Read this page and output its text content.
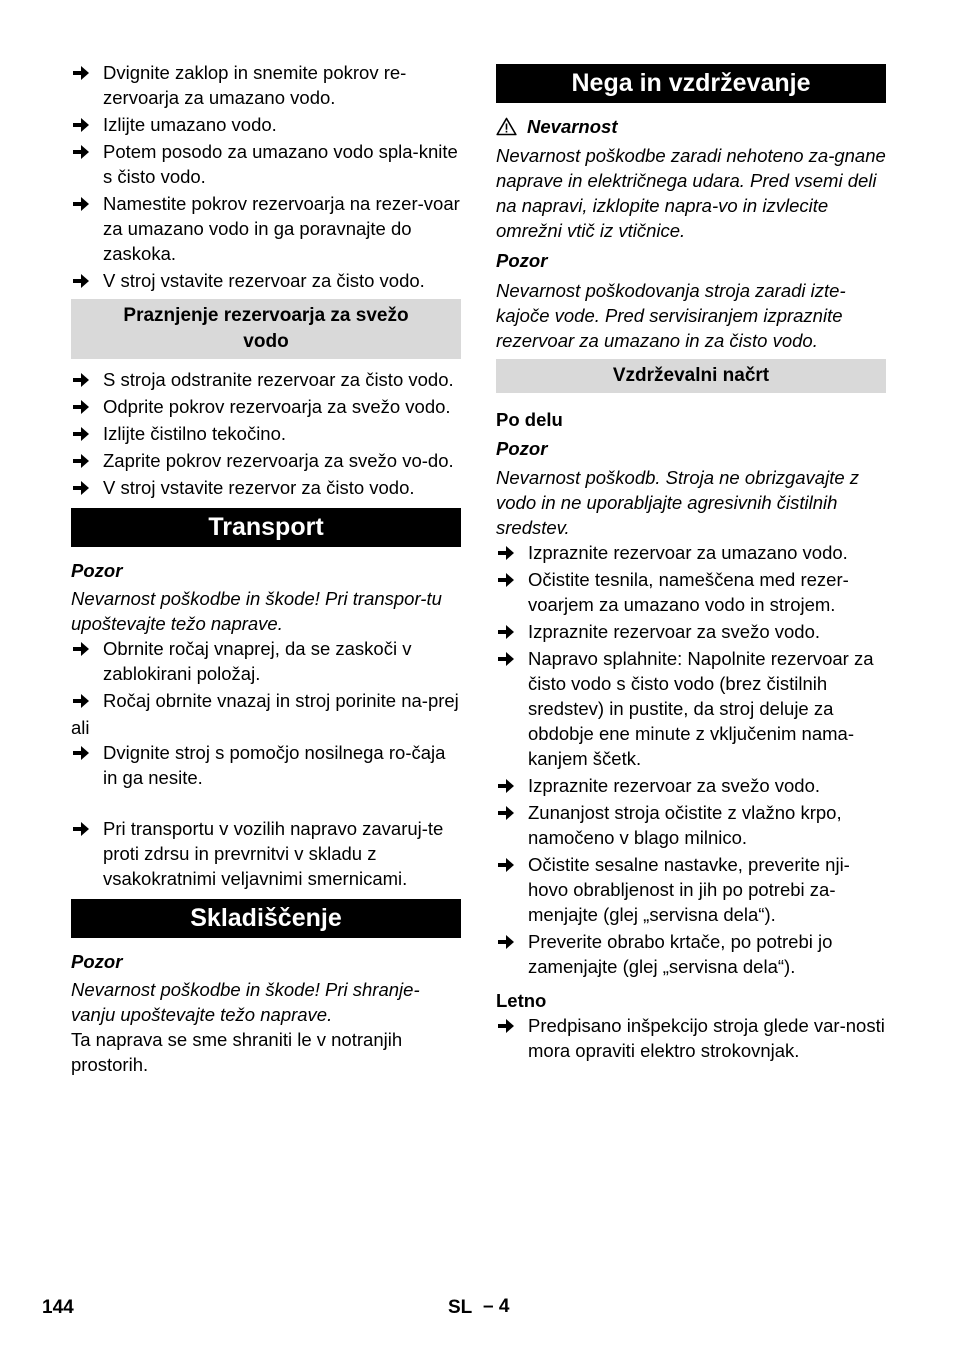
Dvignite zaklop in snemite pokrov re-zervoarja za umazano vodo.
Izlijte umazano vodo.
Potem posodo za umazano vodo spla-knite s čisto vodo.
Namestite pokrov rezervoarja na rezer-voar za umazano vodo in ga poravnajte do zaskoka.
V stroj vstavite rezervoar za čisto vodo.
Praznjenje rezervoarja za svežo
vodo
S stroja odstranite rezervoar za čisto vodo.
Odprite pokrov rezervoarja za svežo vodo.
Izlijte čistilno tekočino.
Zaprite pokrov rezervoarja za svežo vo-do.
V stroj vstavite rezervor za čisto vodo.
Transport
Pozor
Nevarnost poškodbe in škode! Pri transpor-tu upoštevajte težo naprave.
Obrnite ročaj vnaprej, da se zaskoči v zablokirani položaj.
Ročaj obrnite vnazaj in stroj porinite na-prej
ali
Dvignite stroj s pomočjo nosilnega ro-čaja in ga nesite.
Pri transportu v vozilih napravo zavaruj-te proti zdrsu in prevrnitvi v skladu z vsakokratnimi veljavnimi smernicami.
Skladiščenje
Pozor
Nevarnost poškodbe in škode! Pri shranje-vanju upoštevajte težo naprave.
Ta naprava se sme shraniti le v notranjih prostorih.
Nega in vzdrževanje
Nevarnost
Nevarnost poškodbe zaradi nehoteno za-gnane naprave in električnega udara. Pred vsemi deli na napravi, izklopite napra-vo in izvlecite omrežni vtič iz vtičnice.
Pozor
Nevarnost poškodovanja stroja zaradi izte-kajoče vode. Pred servisiranjem izpraznite rezervoar za umazano in za čisto vodo.
Vzdrževalni načrt
Po delu
Pozor
Nevarnost poškodb. Stroja ne obrizgavajte z vodo in ne uporabljajte agresivnih čistilnih sredstev.
Izpraznite rezervoar za umazano vodo.
Očistite tesnila, nameščena med rezer-voarjem za umazano vodo in strojem.
Izpraznite rezervoar za svežo vodo.
Napravo splahnite: Napolnite rezervoar za čisto vodo s čisto vodo (brez čistilnih sredstev) in pustite, da stroj deluje za obdobje ene minute z vključenim nama-kanjem ščetk.
Izpraznite rezervoar za svežo vodo.
Zunanjost stroja očistite z vlažno krpo, namočeno v blago milnico.
Očistite sesalne nastavke, preverite nji-hovo obrabljenost in jih po potrebi za-menjajte (glej „servisna dela“).
Preverite obrabo krtače, po potrebi jo zamenjajte (glej „servisna dela“).
Letno
Predpisano inšpekcijo stroja glede var-nosti mora opraviti elektro strokovnjak.
144	SL – 4
